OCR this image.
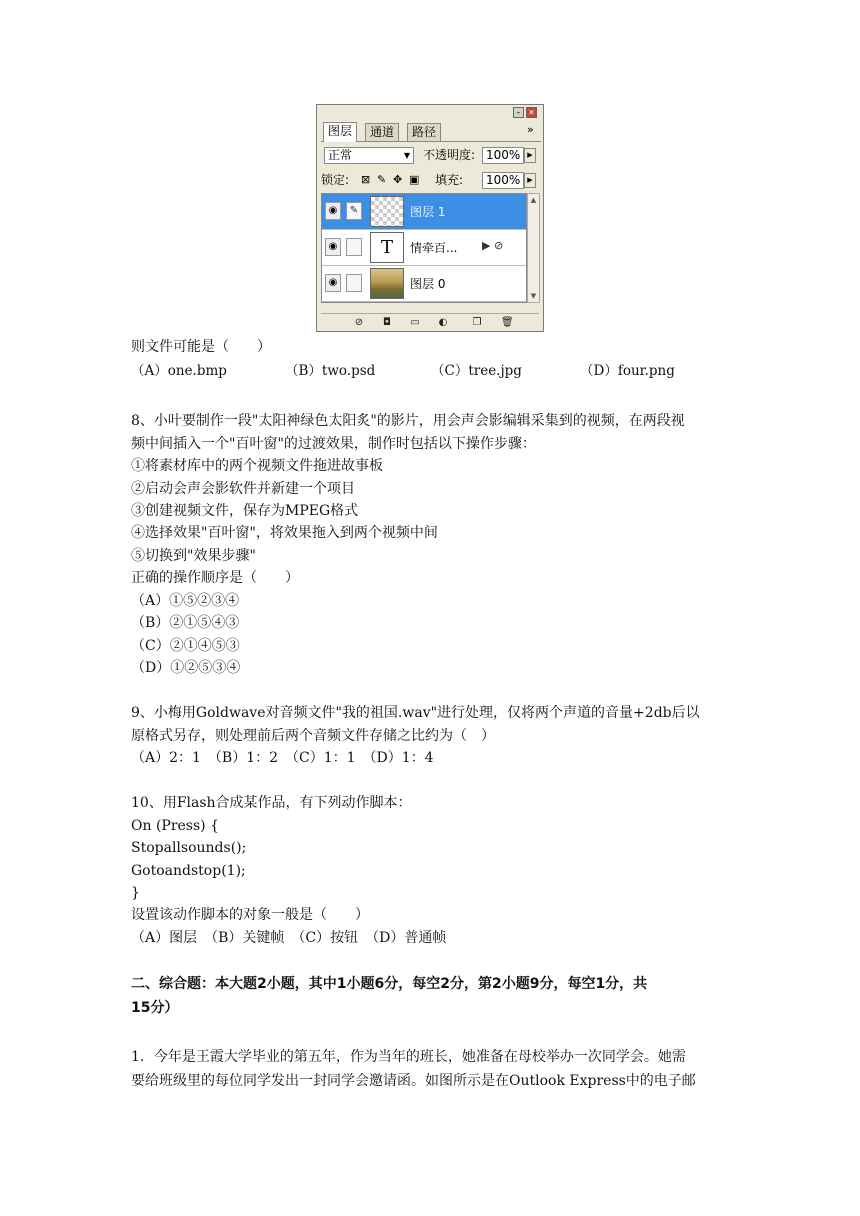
– ✕
图层	通道	路径	»
正常	▼ 不透明度: 100% ▶
锁定: ⊠ ✎ ✥ ▣ 填充:	100% ▶
◉	✎	图层 1
◉	T	情牵百... ▶ ⊘
◉	图层 0
▲
▼
⊘ ◘ ▭ ◐	❐ 🗑
则文件可能是（　　）
（A）one.bmp	（B）two.psd	（C）tree.jpg	（D）four.png
8、小叶要制作一段"太阳神绿色太阳炙"的影片，用会声会影编辑采集到的视频，在两段视
频中间插入一个"百叶窗"的过渡效果，制作时包括以下操作步骤：
①将素材库中的两个视频文件拖进故事板
②启动会声会影软件并新建一个项目
③创建视频文件，保存为MPEG格式
④选择效果"百叶窗"，将效果拖入到两个视频中间
⑤切换到"效果步骤"
正确的操作顺序是（　　）
（A）①⑤②③④
（B）②①⑤④③
（C）②①④⑤③
（D）①②⑤③④
9、小梅用Goldwave对音频文件"我的祖国.wav"进行处理，仅将两个声道的音量+2db后以
原格式另存，则处理前后两个音频文件存储之比约为（　）
（A）2：1　（B）1：2　（C）1：1　（D）1：4
10、用Flash合成某作品，有下列动作脚本：
On (Press) {
Stopallsounds();
Gotoandstop(1);
}
设置该动作脚本的对象一般是（　　）
（A）图层　（B）关键帧　（C）按钮　（D）普通帧
二、综合题：本大题2小题，其中1小题6分，每空2分，第2小题9分，每空1分，共
15分）
1．今年是王霞大学毕业的第五年，作为当年的班长，她准备在母校举办一次同学会。她需
要给班级里的每位同学发出一封同学会邀请函。如图所示是在Outlook Express中的电子邮
